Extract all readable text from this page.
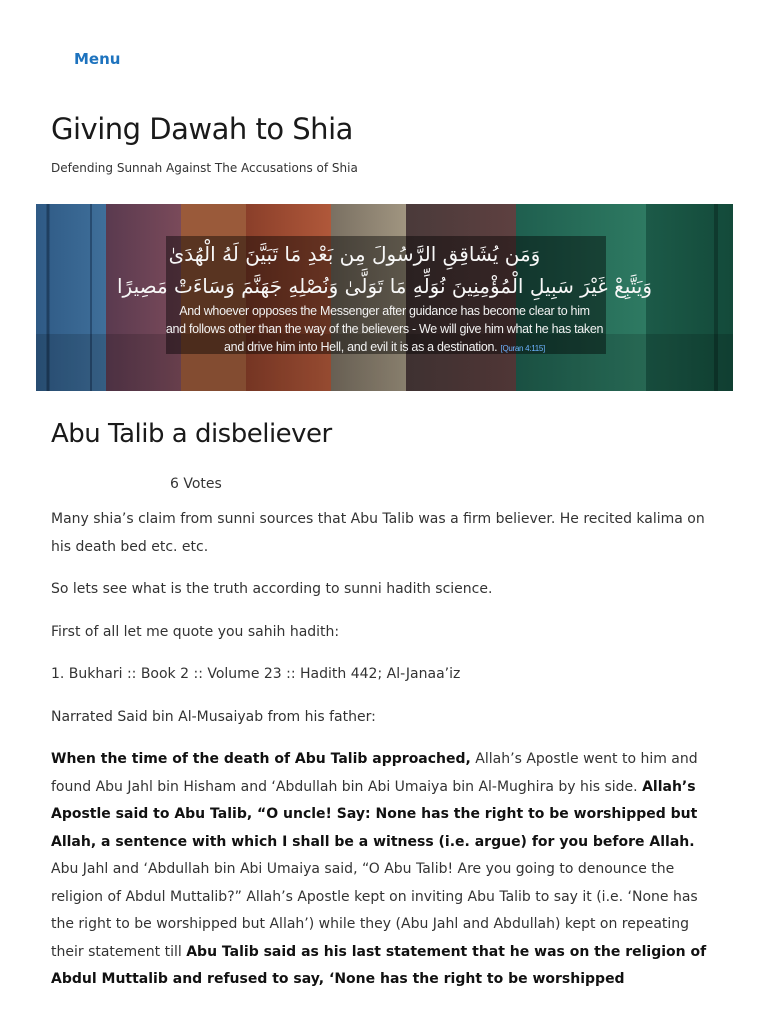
Menu
Giving Dawah to Shia
Defending Sunnah Against The Accusations of Shia
وَمَن يُشَاقِقِ الرَّسُولَ مِن بَعْدِ مَا تَبَيَّنَ لَهُ الْهُدَىٰ
وَيَتَّبِعْ غَيْرَ سَبِيلِ الْمُؤْمِنِينَ نُوَلِّهِ مَا تَوَلَّىٰ وَنُصْلِهِ جَهَنَّمَ وَسَاءَتْ مَصِيرًا
And whoever opposes the Messenger after guidance has become clear to him
and follows other than the way of the believers - We will give him what he has taken
and drive him into Hell, and evil it is as a destination. [Quran 4:115]
Abu Talib a disbeliever
6 Votes

Many shia’s claim from sunni sources that Abu Talib was a firm believer. He recited kalima on his death bed etc. etc.

So lets see what is the truth according to sunni hadith science.

First of all let me quote you sahih hadith:

1. Bukhari :: Book 2 :: Volume 23 :: Hadith 442; Al-Janaa’iz

Narrated Said bin Al-Musaiyab from his father:

When the time of the death of Abu Talib approached, Allah’s Apostle went to him and found Abu Jahl bin Hisham and ‘Abdullah bin Abi Umaiya bin Al-Mughira by his side. Allah’s Apostle said to Abu Talib, “O uncle! Say: None has the right to be worshipped but Allah, a sentence with which I shall be a witness (i.e. argue) for you before Allah. Abu Jahl and ‘Abdullah bin Abi Umaiya said, “O Abu Talib! Are you going to denounce the religion of Abdul Muttalib?” Allah’s Apostle kept on inviting Abu Talib to say it (i.e. ‘None has the right to be worshipped but Allah’) while they (Abu Jahl and Abdullah) kept on repeating their statement till Abu Talib said as his last statement that he was on the religion of Abdul Muttalib and refused to say, ‘None has the right to be worshipped
